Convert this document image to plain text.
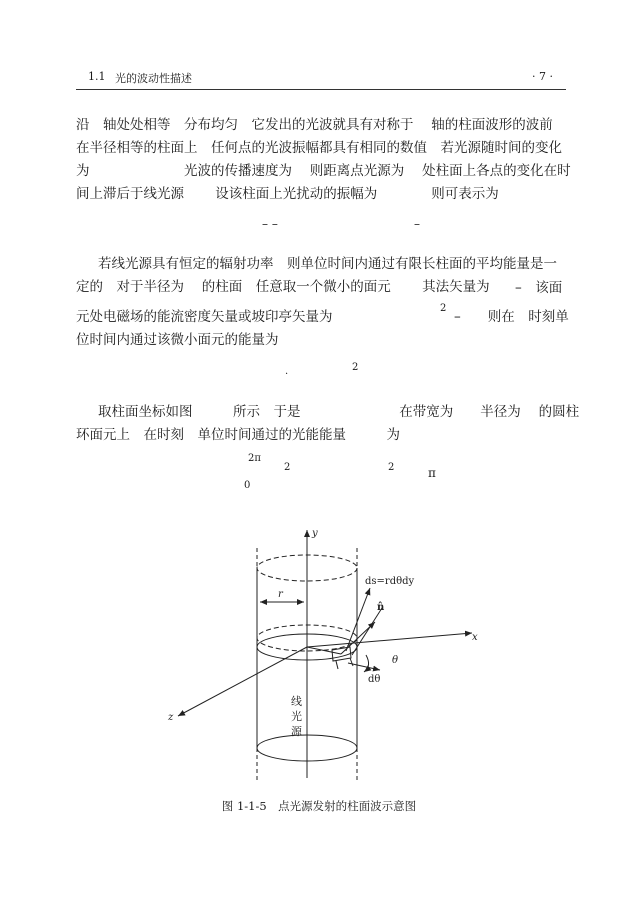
1.1 光的波动性描述	· 7 ·
沿　轴处处相等　分布均匀　它发出的光波就具有对称于　 轴的柱面波形的波前
在半径相等的柱面上　任何点的光波振幅都具有相同的数值　若光源随时间的变化
为　　　　　　　光波的传播速度为　 则距离点光源为　 处柱面上各点的变化在时
间上滞后于线光源　　 设该柱面上光扰动的振幅为　　　　则可表示为
– –	–
若线光源具有恒定的辐射功率　则单位时间内通过有限长柱面的平均能量是一
定的　对于半径为　 的柱面　任意取一个微小的面元　　 其法矢量为 –　该面
元处电磁场的能流密度矢量或坡印亭矢量为
2
–　　则在　时刻单
位时间内通过该微小面元的能量为
.	2
取柱面坐标如图　　　所示　于是　　　　　　　 在带宽为　　半径为　 的圆柱
环面元上　在时刻　单位时间通过的光能能量　　　为
2π
2	2	π
0
y
x
z
r
ds=rdθdy
n̂
θ
dθ
线
光
源
图 1-1-5　点光源发射的柱面波示意图
